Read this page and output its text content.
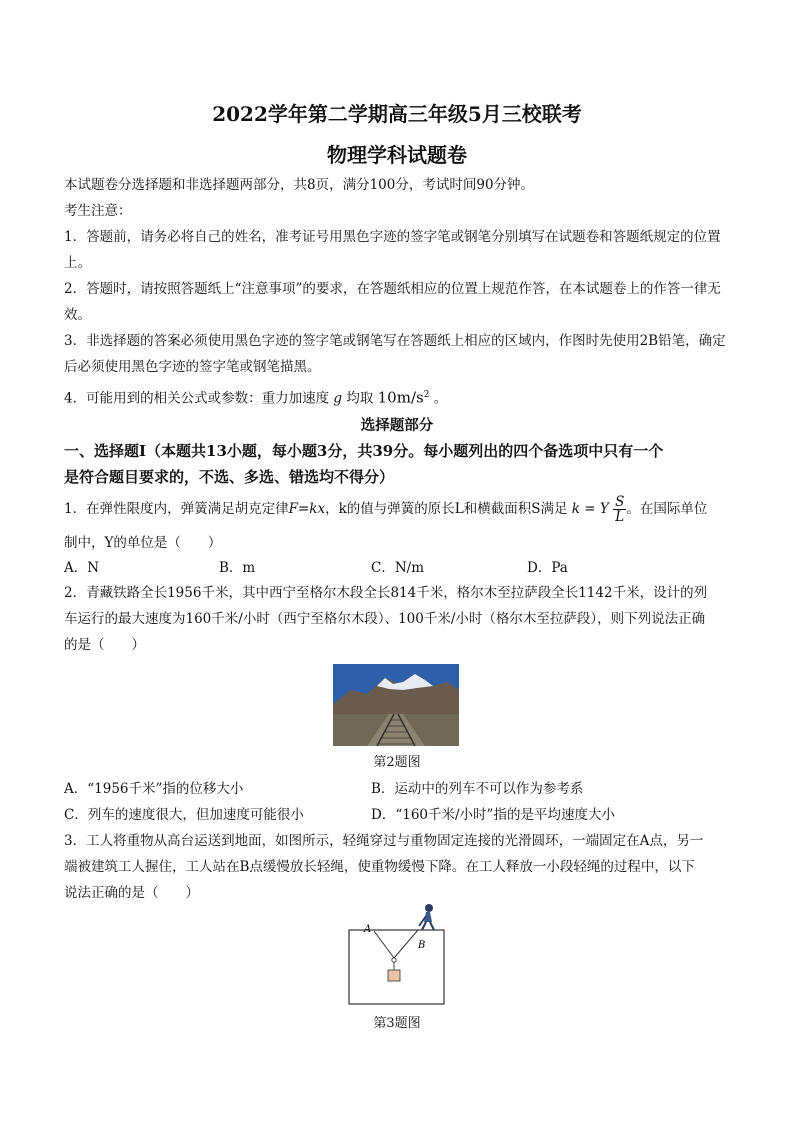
2022学年第二学期高三年级5月三校联考
物理学科试题卷
本试题卷分选择题和非选择题两部分，共8页，满分100分，考试时间90分钟。
考生注意：
1．答题前，请务必将自己的姓名，准考证号用黑色字迹的签字笔或钢笔分别填写在试题卷和答题纸规定的位置上。
2．答题时，请按照答题纸上“注意事项”的要求，在答题纸相应的位置上规范作答，在本试题卷上的作答一律无效。
3．非选择题的答案必须使用黑色字迹的签字笔或钢笔写在答题纸上相应的区域内，作图时先使用2B铅笔，确定后必须使用黑色字迹的签字笔或钢笔描黑。
4．可能用到的相关公式或参数：重力加速度 g 均取 $10m/s^2$ 。
选择题部分
一、选择题Ⅰ（本题共13小题，每小题3分，共39分。每小题列出的四个备选项中只有一个
是符合题目要求的，不选、多选、错选均不得分）
1．在弹性限度内，弹簧满足胡克定律F=kx，k的值与弹簧的原长L和横截面积S满足 k = Y $\frac{S}{L}$ 。在国际单位
制中，Y的单位是（　　）
A．N	B．m	C．N/m	D．Pa
2．青藏铁路全长1956千米，其中西宁至格尔木段全长814千米，格尔木至拉萨段全长1142千米，设计的列
车运行的最大速度为160千米/小时（西宁至格尔木段）、100千米/小时（格尔木至拉萨段），则下列说法正确
的是（　　）
第2题图
A．“1956千米”指的位移大小	B．运动中的列车不可以作为参考系
C．列车的速度很大，但加速度可能很小	D．“160千米/小时”指的是平均速度大小
3．工人将重物从高台运送到地面，如图所示，轻绳穿过与重物固定连接的光滑圆环，一端固定在A点，另一
端被建筑工人握住，工人站在B点缓慢放长轻绳，使重物缓慢下降。在工人释放一小段轻绳的过程中，以下
说法正确的是（　　）
A
B
第3题图
